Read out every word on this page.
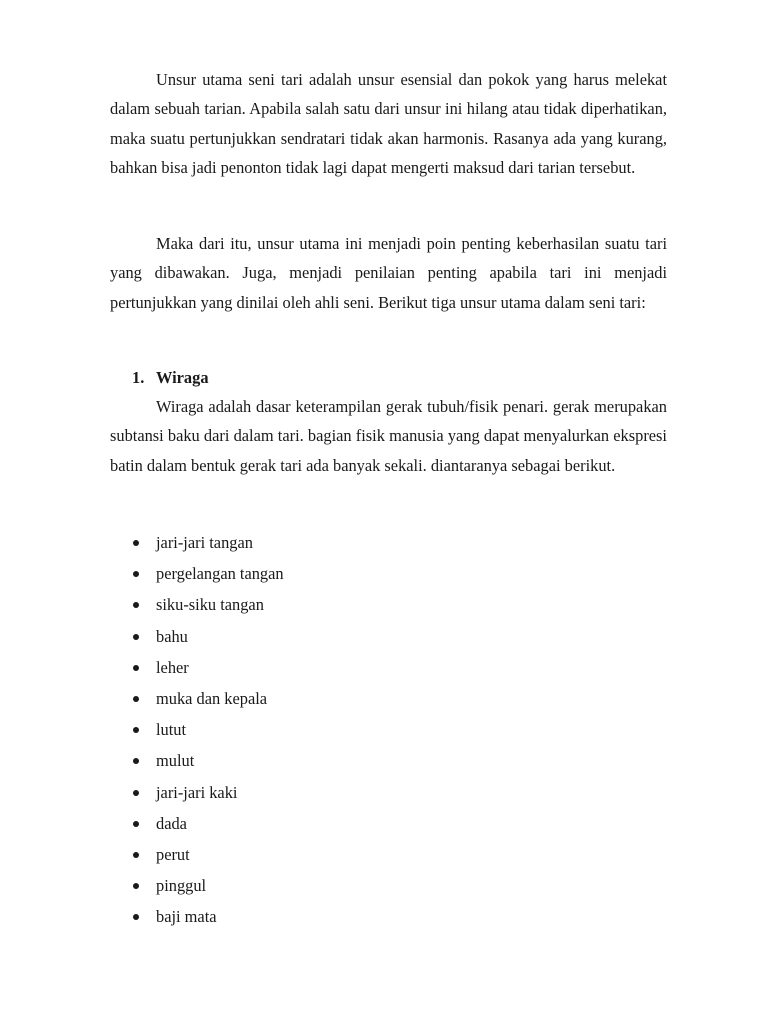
Unsur utama seni tari adalah unsur esensial dan pokok yang harus melekat dalam sebuah tarian. Apabila salah satu dari unsur ini hilang atau tidak diperhatikan, maka suatu pertunjukkan sendratari tidak akan harmonis. Rasanya ada yang kurang, bahkan bisa jadi penonton tidak lagi dapat mengerti maksud dari tarian tersebut.

Maka dari itu, unsur utama ini menjadi poin penting keberhasilan suatu tari yang dibawakan. Juga, menjadi penilaian penting apabila tari ini menjadi pertunjukkan yang dinilai oleh ahli seni. Berikut tiga unsur utama dalam seni tari:

1. Wiraga

Wiraga adalah dasar keterampilan gerak tubuh/fisik penari. gerak merupakan subtansi baku dari dalam tari. bagian fisik manusia yang dapat menyalurkan ekspresi batin dalam bentuk gerak tari ada banyak sekali. diantaranya sebagai berikut.

jari-jari tangan
pergelangan tangan
siku-siku tangan
bahu
leher
muka dan kepala
lutut
mulut
jari-jari kaki
dada
perut
pinggul
baji mata
